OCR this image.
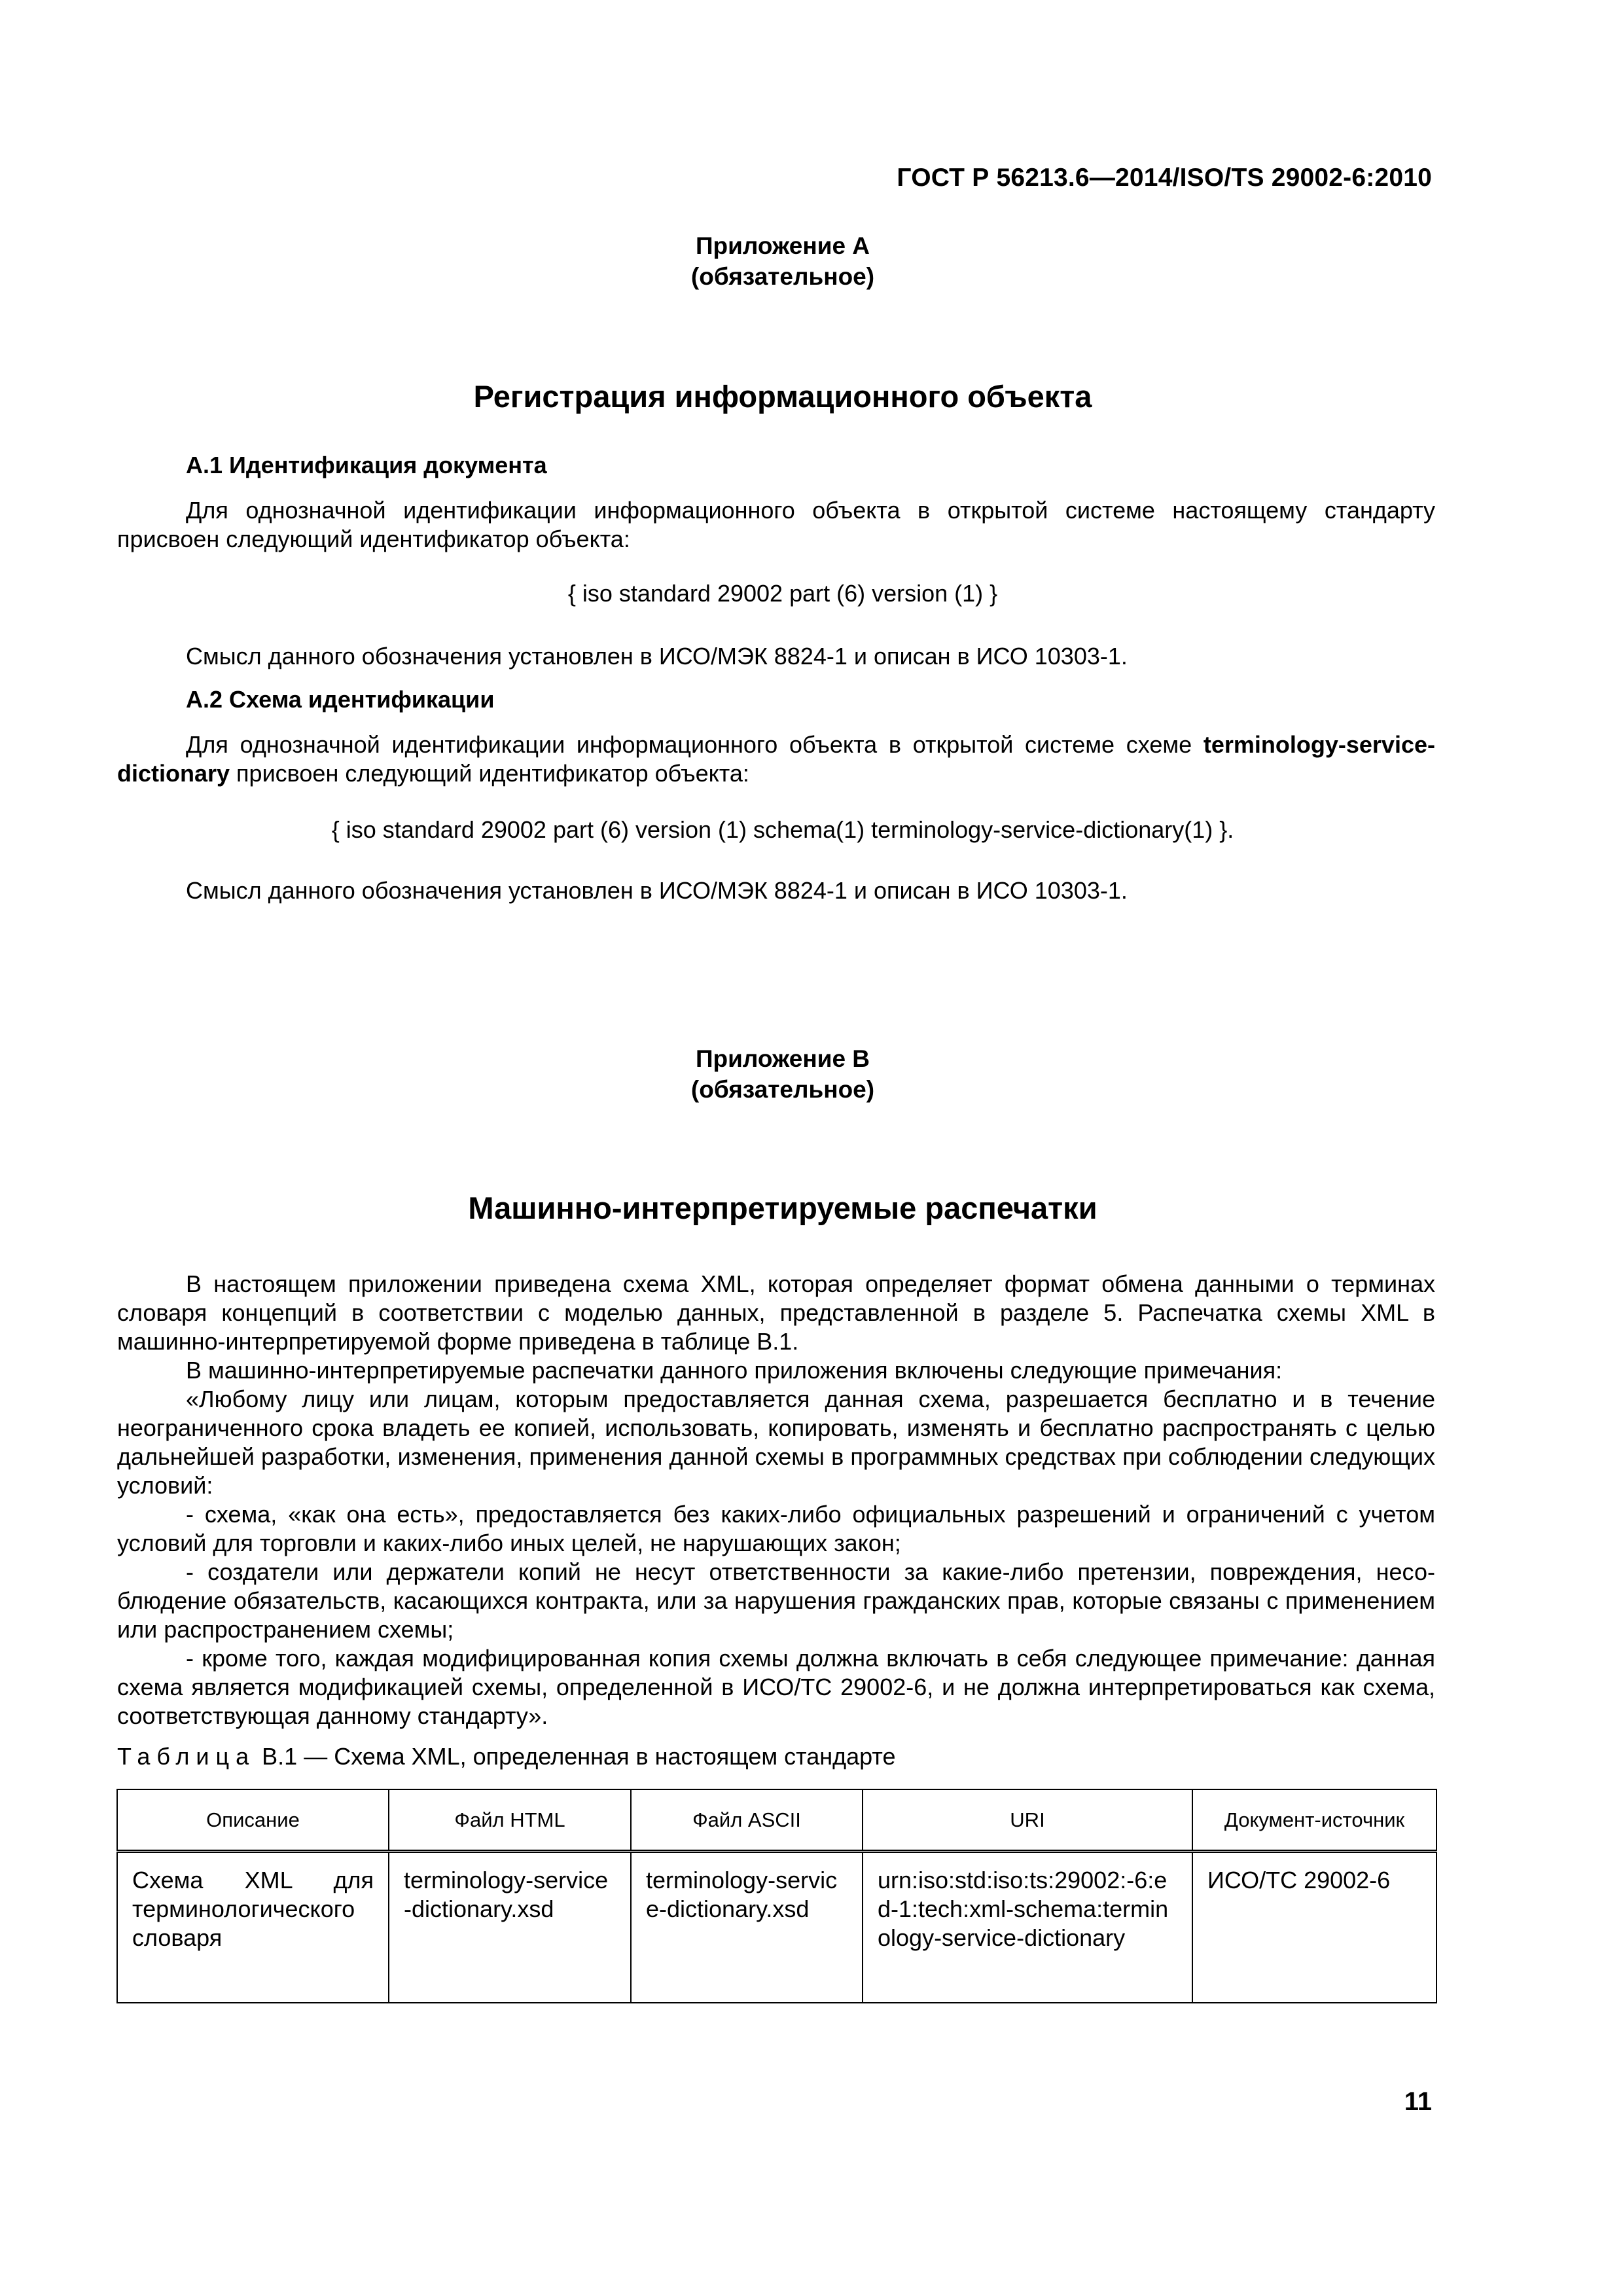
ГОСТ Р 56213.6—2014/ISO/TS 29002-6:2010
Приложение А
(обязательное)
Регистрация информационного объекта
А.1 Идентификация документа
Для однозначной идентификации информационного объекта в открытой системе настоящему стандарту присвоен следующий идентификатор объекта:
{ iso standard 29002 part (6) version (1) }
Смысл данного обозначения установлен в ИСО/МЭК 8824-1 и описан в ИСО 10303-1.
А.2 Схема идентификации
Для однозначной идентификации информационного объекта в открытой системе схеме terminology-service-dictionary присвоен следующий идентификатор объекта:
{ iso standard 29002 part (6) version (1) schema(1) terminology-service-dictionary(1) }.
Смысл данного обозначения установлен в ИСО/МЭК 8824-1 и описан в ИСО 10303-1.
Приложение В
(обязательное)
Машинно-интерпретируемые распечатки
В настоящем приложении приведена схема XML, которая определяет формат обмена данными о терминах словаря концепций в соответствии с моделью данных, представленной в разделе 5. Распечатка схемы XML в машинно-интерпретируемой форме приведена в таблице В.1.
В машинно-интерпретируемые распечатки данного приложения включены следующие примечания:
«Любому лицу или лицам, которым предоставляется данная схема, разрешается бесплатно и в течение неограниченного срока владеть ее копией, использовать, копировать, изменять и бесплатно распространять с целью дальнейшей разработки, изменения, применения данной схемы в программных средствах при соблюдении следующих условий:
- схема, «как она есть», предоставляется без каких-либо официальных разрешений и ограничений с учетом условий для торговли и каких-либо иных целей, не нарушающих закон;
- создатели или держатели копий не несут ответственности за какие-либо претензии, повреждения, несоблюдение обязательств, касающихся контракта, или за нарушения гражданских прав, которые связаны с применением или распространением схемы;
- кроме того, каждая модифицированная копия схемы должна включать в себя следующее примечание: данная схема является модификацией схемы, определенной в ИСО/ТС 29002-6, и не должна интерпретироваться как схема, соответствующая данному стандарту».
Таблица В.1 — Схема XML, определенная в настоящем стандарте
Описание	Файл HTML	Файл ASCII	URI	Документ-источник
Схема XML для терминологического словаря	terminology-service-dictionary.xsd	terminology-service-dictionary.xsd	urn:iso:std:iso:ts:29002:-6:ed-1:tech:xml-schema:terminology-service-dictionary	ИСО/ТС 29002-6
11
